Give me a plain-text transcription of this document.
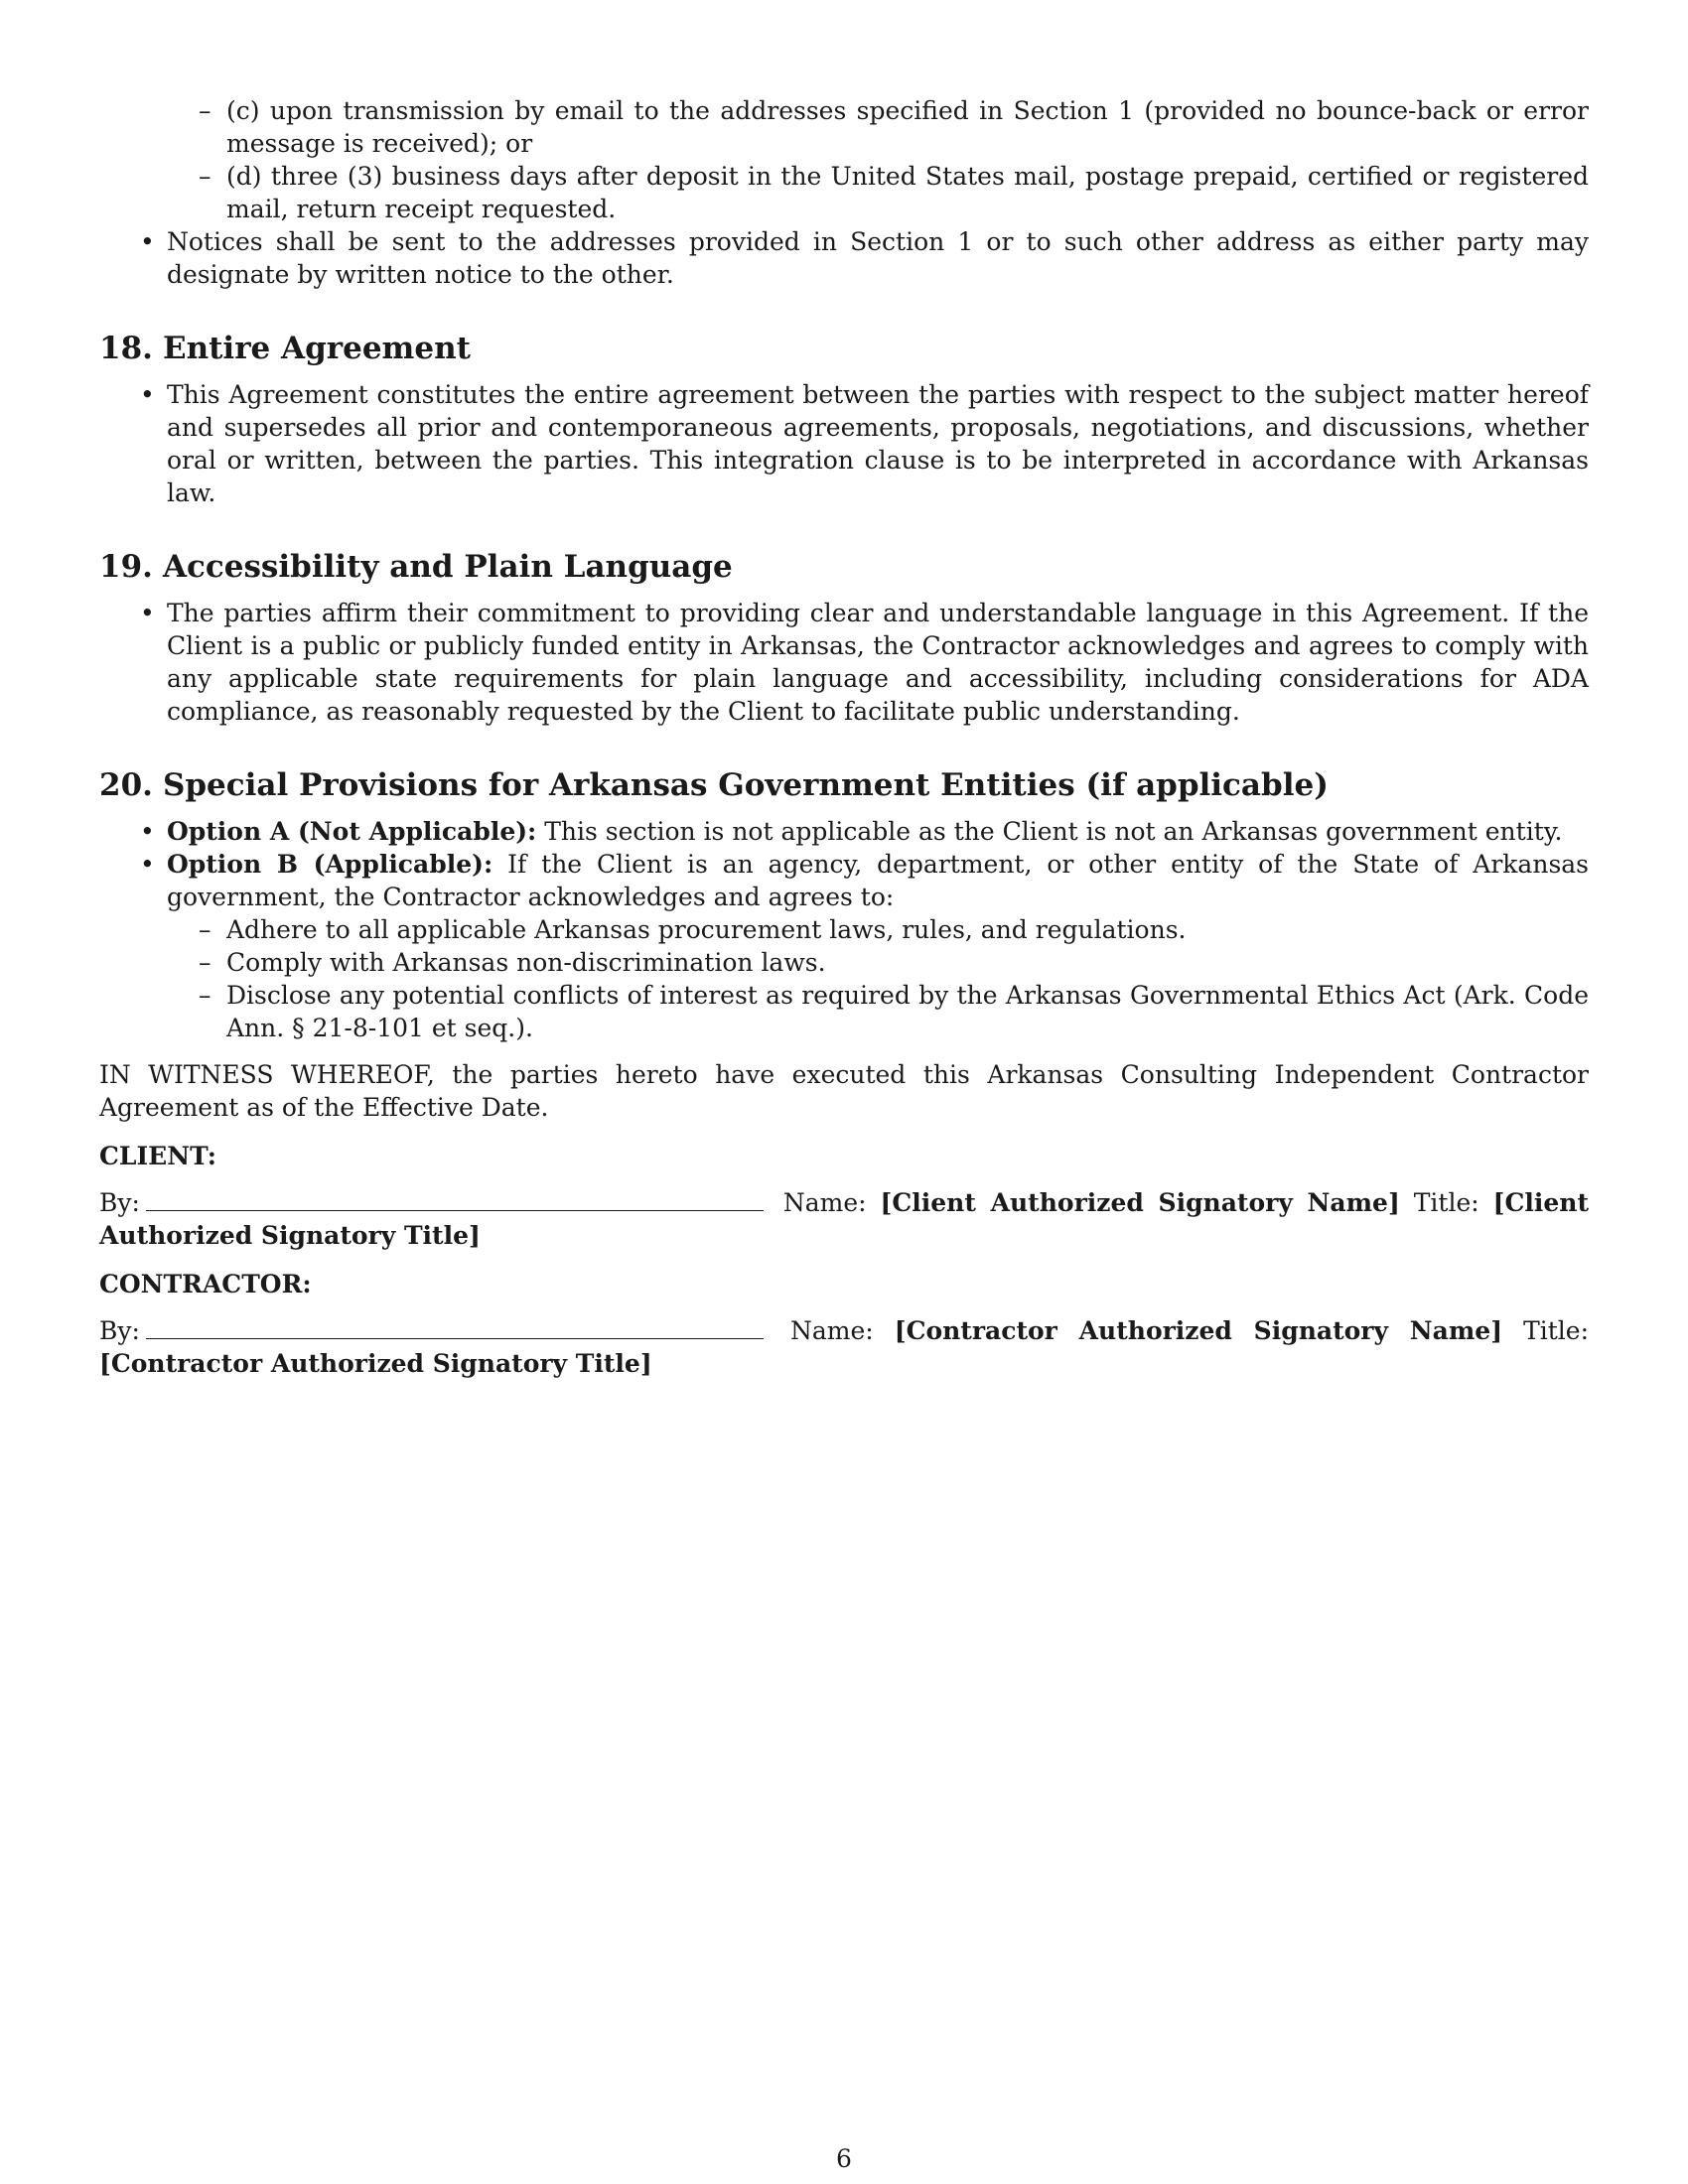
– (c) upon transmission by email to the addresses specified in Section 1 (provided no bounce-back or error message is received); or
– (d) three (3) business days after deposit in the United States mail, postage prepaid, certified or registered mail, return receipt requested.
• Notices shall be sent to the addresses provided in Section 1 or to such other address as either party may designate by written notice to the other.
18. Entire Agreement
• This Agreement constitutes the entire agreement between the parties with respect to the subject matter hereof and supersedes all prior and contemporaneous agreements, proposals, negotiations, and discussions, whether oral or written, between the parties. This integration clause is to be interpreted in accordance with Arkansas law.
19. Accessibility and Plain Language
• The parties affirm their commitment to providing clear and understandable language in this Agreement. If the Client is a public or publicly funded entity in Arkansas, the Contractor acknowledges and agrees to comply with any applicable state requirements for plain language and accessibility, including considerations for ADA compliance, as reasonably requested by the Client to facilitate public understanding.
20. Special Provisions for Arkansas Government Entities (if applicable)
• Option A (Not Applicable): This section is not applicable as the Client is not an Arkansas government entity.
• Option B (Applicable): If the Client is an agency, department, or other entity of the State of Arkansas government, the Contractor acknowledges and agrees to:
– Adhere to all applicable Arkansas procurement laws, rules, and regulations.
– Comply with Arkansas non-discrimination laws.
– Disclose any potential conflicts of interest as required by the Arkansas Governmental Ethics Act (Ark. Code Ann. § 21-8-101 et seq.).

IN WITNESS WHEREOF, the parties hereto have executed this Arkansas Consulting Independent Contractor Agreement as of the Effective Date.

CLIENT:

By:	Name: [Client Authorized Signatory Name] Title: [Client Authorized Signatory Title]

CONTRACTOR:

By:	Name: [Contractor Authorized Signatory Name] Title: [Contractor Authorized Signatory Title]

6
